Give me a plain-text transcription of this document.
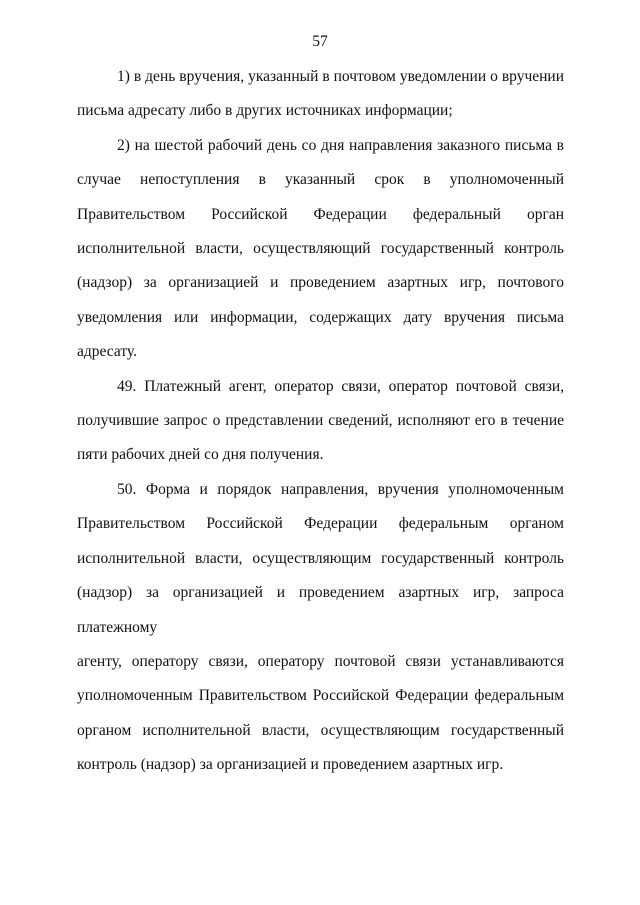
57

1) в день вручения, указанный в почтовом уведомлении о вручении
письма адресату либо в других источниках информации;

2) на шестой рабочий день со дня направления заказного письма в
случае непоступления в указанный срок в уполномоченный
Правительством Российской Федерации федеральный орган
исполнительной власти, осуществляющий государственный контроль
(надзор) за организацией и проведением азартных игр, почтового
уведомления или информации, содержащих дату вручения письма
адресату.

49. Платежный агент, оператор связи, оператор почтовой связи,
получившие запрос о представлении сведений, исполняют его в течение
пяти рабочих дней со дня получения.

50. Форма и порядок направления, вручения уполномоченным
Правительством Российской Федерации федеральным органом
исполнительной власти, осуществляющим государственный контроль
(надзор) за организацией и проведением азартных игр, запроса платежному
агенту, оператору связи, оператору почтовой связи устанавливаются
уполномоченным Правительством Российской Федерации федеральным
органом исполнительной власти, осуществляющим государственный
контроль (надзор) за организацией и проведением азартных игр.
